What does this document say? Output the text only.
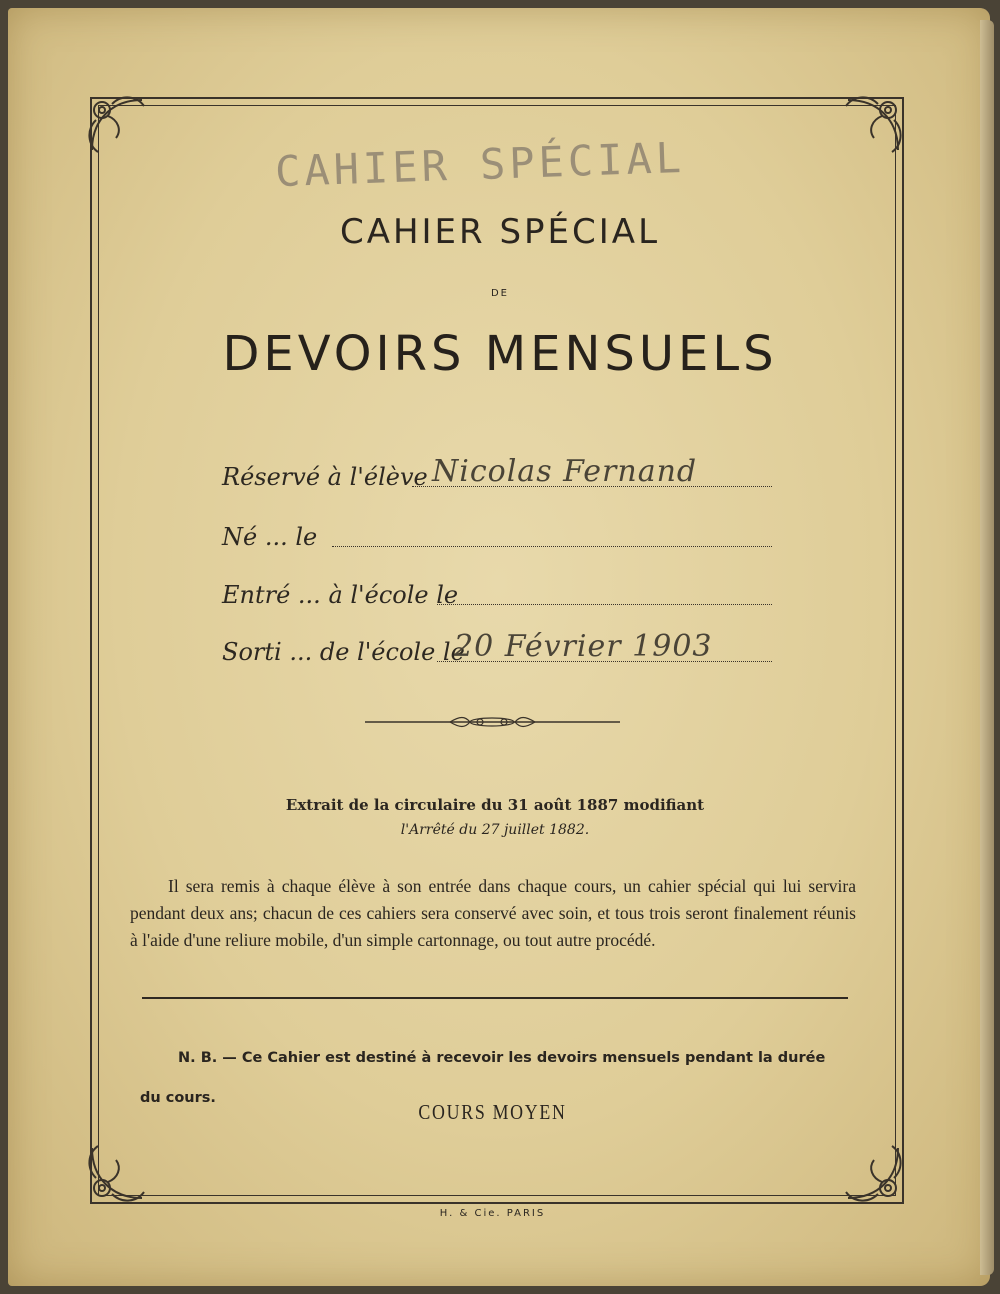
CAHIER SPÉCIAL
CAHIER SPÉCIAL
DE
DEVOIRS MENSUELS
Réservé à l'élève Nicolas Fernand
Né ... le
Entré ... à l'école le
Sorti ... de l'école le
20 Février 1903
Extrait de la circulaire du 31 août 1887 modifiant
l'Arrêté du 27 juillet 1882.
Il sera remis à chaque élève à son entrée dans chaque cours, un cahier spécial qui lui servira pendant deux ans; chacun de ces cahiers sera conservé avec soin, et tous trois seront finalement réunis à l'aide d'une reliure mobile, d'un simple cartonnage, ou tout autre procédé.
N. B. — Ce Cahier est destiné à recevoir les devoirs mensuels pendant la durée du cours.
COURS MOYEN
H. & Cie. PARIS
